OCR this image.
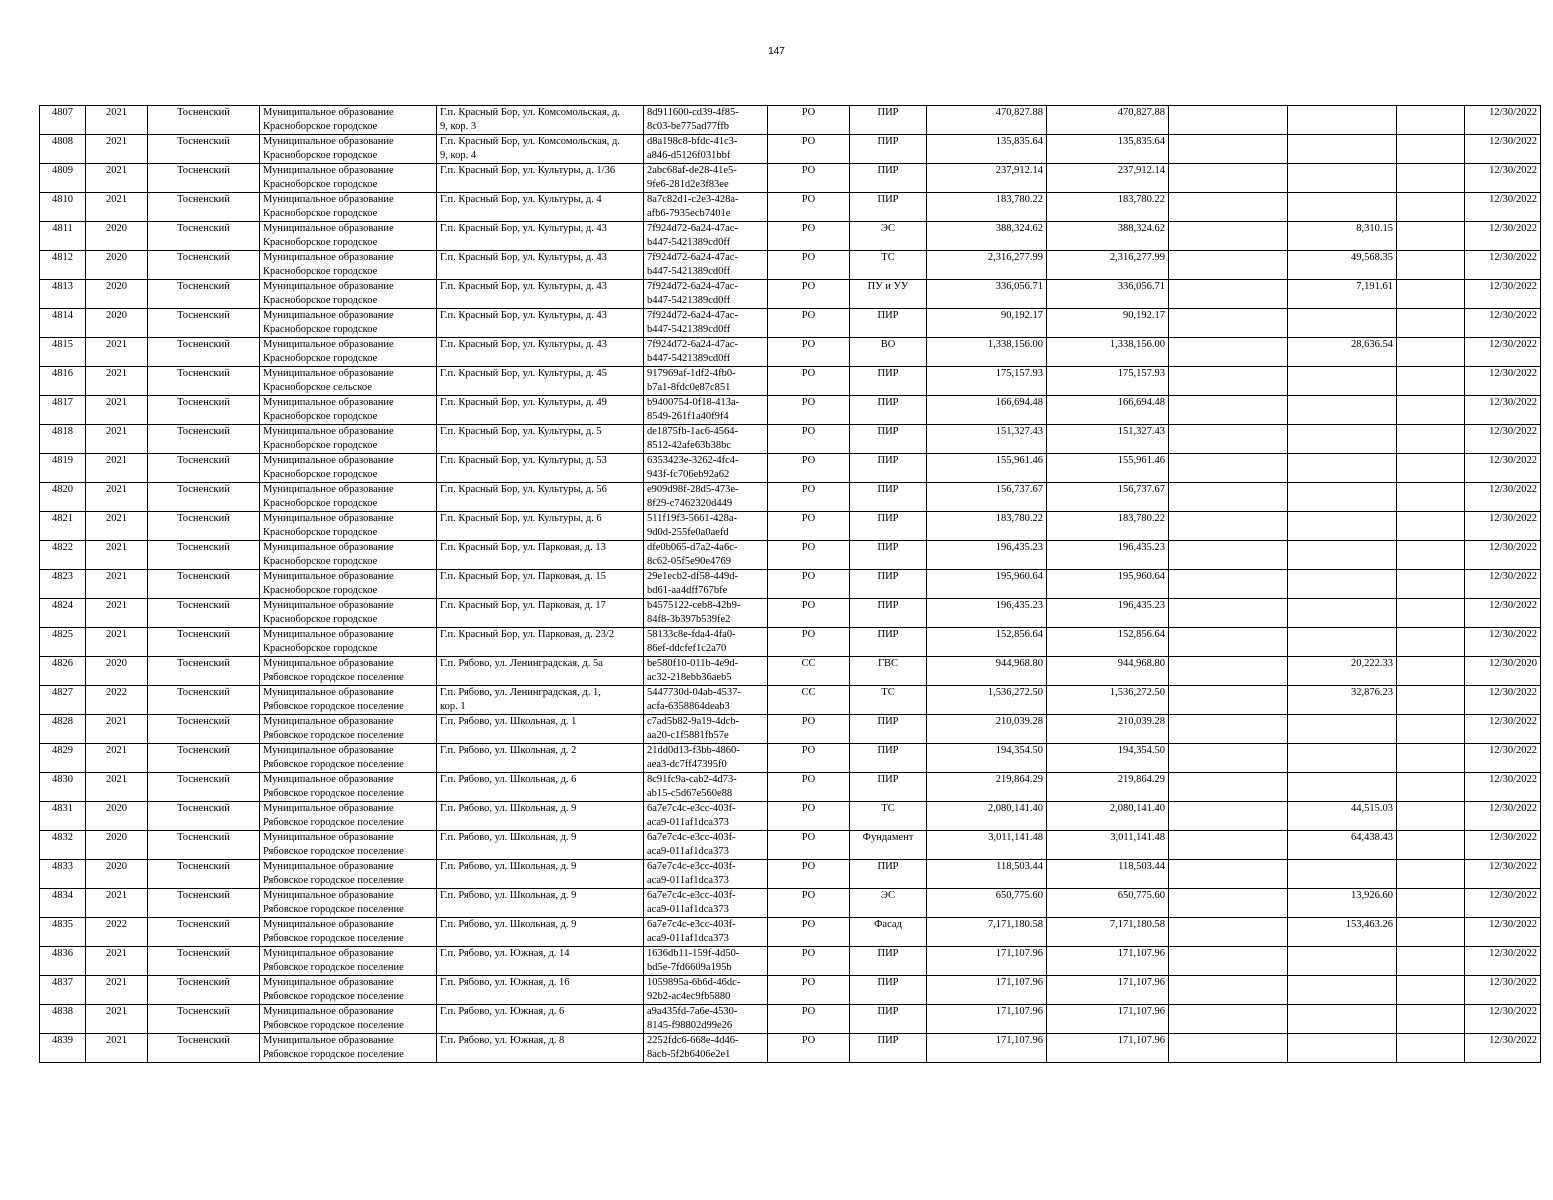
147
4807	2021	Тосненский	Муниципальное образование
Красноборское городское	Г.п. Красный Бор, ул. Комсомольская, д.
9, кор. 3	8d911600-cd39-4f85-
8c03-be775ad77ffb	РО	ПИР	470,827.88	470,827.88				12/30/2022
4808	2021	Тосненский	Муниципальное образование
Красноборское городское	Г.п. Красный Бор, ул. Комсомольская, д.
9, кор. 4	d8a198c8-bfdc-41c3-
a846-d5126f031bbf	РО	ПИР	135,835.64	135,835.64				12/30/2022
4809	2021	Тосненский	Муниципальное образование
Красноборское городское	Г.п. Красный Бор, ул. Культуры, д. 1/36	2abc68af-de28-41e5-
9fe6-281d2e3f83ee	РО	ПИР	237,912.14	237,912.14				12/30/2022
4810	2021	Тосненский	Муниципальное образование
Красноборское городское	Г.п. Красный Бор, ул. Культуры, д. 4	8a7c82d1-c2e3-428a-
afb6-7935ecb7401e	РО	ПИР	183,780.22	183,780.22				12/30/2022
4811	2020	Тосненский	Муниципальное образование
Красноборское городское	Г.п. Красный Бор, ул. Культуры, д. 43	7f924d72-6a24-47ac-
b447-5421389cd0ff	РО	ЭС	388,324.62	388,324.62		8,310.15		12/30/2022
4812	2020	Тосненский	Муниципальное образование
Красноборское городское	Г.п. Красный Бор, ул. Культуры, д. 43	7f924d72-6a24-47ac-
b447-5421389cd0ff	РО	ТС	2,316,277.99	2,316,277.99		49,568.35		12/30/2022
4813	2020	Тосненский	Муниципальное образование
Красноборское городское	Г.п. Красный Бор, ул. Культуры, д. 43	7f924d72-6a24-47ac-
b447-5421389cd0ff	РО	ПУ и УУ	336,056.71	336,056.71		7,191.61		12/30/2022
4814	2020	Тосненский	Муниципальное образование
Красноборское городское	Г.п. Красный Бор, ул. Культуры, д. 43	7f924d72-6a24-47ac-
b447-5421389cd0ff	РО	ПИР	90,192.17	90,192.17				12/30/2022
4815	2021	Тосненский	Муниципальное образование
Красноборское городское	Г.п. Красный Бор, ул. Культуры, д. 43	7f924d72-6a24-47ac-
b447-5421389cd0ff	РО	ВО	1,338,156.00	1,338,156.00		28,636.54		12/30/2022
4816	2021	Тосненский	Муниципальное образование
Красноборское сельское	Г.п. Красный Бор, ул. Культуры, д. 45	917969af-1df2-4fb0-
b7a1-8fdc0e87c851	РО	ПИР	175,157.93	175,157.93				12/30/2022
4817	2021	Тосненский	Муниципальное образование
Красноборское городское	Г.п. Красный Бор, ул. Культуры, д. 49	b9400754-0f18-413a-
8549-261f1a40f9f4	РО	ПИР	166,694.48	166,694.48				12/30/2022
4818	2021	Тосненский	Муниципальное образование
Красноборское городское	Г.п. Красный Бор, ул. Культуры, д. 5	de1875fb-1ac6-4564-
8512-42afe63b38bc	РО	ПИР	151,327.43	151,327.43				12/30/2022
4819	2021	Тосненский	Муниципальное образование
Красноборское городское	Г.п. Красный Бор, ул. Культуры, д. 53	6353423e-3262-4fc4-
943f-fc706eb92a62	РО	ПИР	155,961.46	155,961.46				12/30/2022
4820	2021	Тосненский	Муниципальное образование
Красноборское городское	Г.п. Красный Бор, ул. Культуры, д. 56	e909d98f-28d5-473e-
8f29-c7462320d449	РО	ПИР	156,737.67	156,737.67				12/30/2022
4821	2021	Тосненский	Муниципальное образование
Красноборское городское	Г.п. Красный Бор, ул. Культуры, д. 6	511f19f3-5661-428a-
9d0d-255fe0a0aefd	РО	ПИР	183,780.22	183,780.22				12/30/2022
4822	2021	Тосненский	Муниципальное образование
Красноборское городское	Г.п. Красный Бор, ул. Парковая, д. 13	dfe0b065-d7a2-4a6c-
8c62-05f5e90e4769	РО	ПИР	196,435.23	196,435.23				12/30/2022
4823	2021	Тосненский	Муниципальное образование
Красноборское городское	Г.п. Красный Бор, ул. Парковая, д. 15	29e1ecb2-df58-449d-
bd61-aa4dff767bfe	РО	ПИР	195,960.64	195,960.64				12/30/2022
4824	2021	Тосненский	Муниципальное образование
Красноборское городское	Г.п. Красный Бор, ул. Парковая, д. 17	b4575122-ceb8-42b9-
84f8-3b397b539fe2	РО	ПИР	196,435.23	196,435.23				12/30/2022
4825	2021	Тосненский	Муниципальное образование
Красноборское городское	Г.п. Красный Бор, ул. Парковая, д. 23/2	58133c8e-fda4-4fa0-
86ef-ddcfef1c2a70	РО	ПИР	152,856.64	152,856.64				12/30/2022
4826	2020	Тосненский	Муниципальное образование
Рябовское городское поселение	Г.п. Рябово, ул. Ленинградская, д. 5а	be580f10-011b-4e9d-
ac32-218ebb36aeb5	СС	ГВС	944,968.80	944,968.80		20,222.33		12/30/2020
4827	2022	Тосненский	Муниципальное образование
Рябовское городское поселение	Г.п. Рябово, ул. Ленинградская, д. 1,
кор. 1	5447730d-04ab-4537-
acfa-6358864deab3	СС	ТС	1,536,272.50	1,536,272.50		32,876.23		12/30/2022
4828	2021	Тосненский	Муниципальное образование
Рябовское городское поселение	Г.п. Рябово, ул. Школьная, д. 1	c7ad5b82-9a19-4dcb-
aa20-c1f5881fb57e	РО	ПИР	210,039.28	210,039.28				12/30/2022
4829	2021	Тосненский	Муниципальное образование
Рябовское городское поселение	Г.п. Рябово, ул. Школьная, д. 2	21dd0d13-f3bb-4860-
aea3-dc7ff47395f0	РО	ПИР	194,354.50	194,354.50				12/30/2022
4830	2021	Тосненский	Муниципальное образование
Рябовское городское поселение	Г.п. Рябово, ул. Школьная, д. 6	8c91fc9a-cab2-4d73-
ab15-c5d67e560e88	РО	ПИР	219,864.29	219,864.29				12/30/2022
4831	2020	Тосненский	Муниципальное образование
Рябовское городское поселение	Г.п. Рябово, ул. Школьная, д. 9	6a7e7c4c-e3cc-403f-
aca9-011af1dca373	РО	ТС	2,080,141.40	2,080,141.40		44,515.03		12/30/2022
4832	2020	Тосненский	Муниципальное образование
Рябовское городское поселение	Г.п. Рябово, ул. Школьная, д. 9	6a7e7c4c-e3cc-403f-
aca9-011af1dca373	РО	Фундамент	3,011,141.48	3,011,141.48		64,438.43		12/30/2022
4833	2020	Тосненский	Муниципальное образование
Рябовское городское поселение	Г.п. Рябово, ул. Школьная, д. 9	6a7e7c4c-e3cc-403f-
aca9-011af1dca373	РО	ПИР	118,503.44	118,503.44				12/30/2022
4834	2021	Тосненский	Муниципальное образование
Рябовское городское поселение	Г.п. Рябово, ул. Школьная, д. 9	6a7e7c4c-e3cc-403f-
aca9-011af1dca373	РО	ЭС	650,775.60	650,775.60		13,926.60		12/30/2022
4835	2022	Тосненский	Муниципальное образование
Рябовское городское поселение	Г.п. Рябово, ул. Школьная, д. 9	6a7e7c4c-e3cc-403f-
aca9-011af1dca373	РО	Фасад	7,171,180.58	7,171,180.58		153,463.26		12/30/2022
4836	2021	Тосненский	Муниципальное образование
Рябовское городское поселение	Г.п. Рябово, ул. Южная, д. 14	1636db11-159f-4d50-
bd5e-7fd6609a195b	РО	ПИР	171,107.96	171,107.96				12/30/2022
4837	2021	Тосненский	Муниципальное образование
Рябовское городское поселение	Г.п. Рябово, ул. Южная, д. 16	1059895a-6b6d-46dc-
92b2-ac4ec9fb5880	РО	ПИР	171,107.96	171,107.96				12/30/2022
4838	2021	Тосненский	Муниципальное образование
Рябовское городское поселение	Г.п. Рябово, ул. Южная, д. 6	a9a435fd-7a6e-4530-
8145-f98802d99e26	РО	ПИР	171,107.96	171,107.96				12/30/2022
4839	2021	Тосненский	Муниципальное образование
Рябовское городское поселение	Г.п. Рябово, ул. Южная, д. 8	2252fdc6-668e-4d46-
8acb-5f2b6406e2e1	РО	ПИР	171,107.96	171,107.96				12/30/2022
